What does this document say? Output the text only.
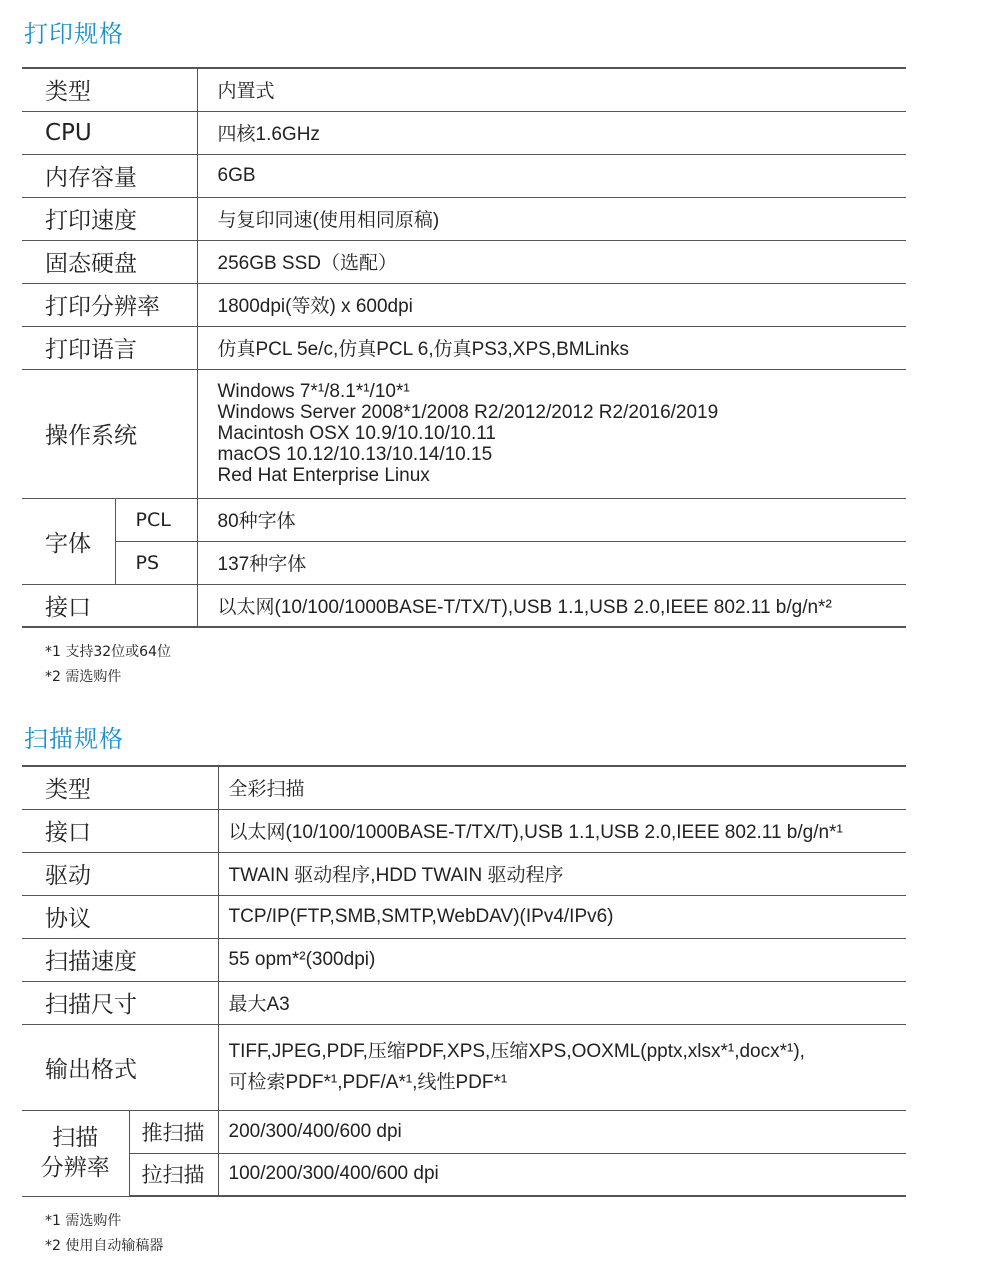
打印规格
类型		内置式
CPU		四核1.6GHz
内存容量		6GB
打印速度		与复印同速(使用相同原稿)
固态硬盘		256GB SSD（选配）
打印分辨率		1800dpi(等效) x 600dpi
打印语言		仿真PCL 5e/c,仿真PCL 6,仿真PS3,XPS,BMLinks
操作系统		Windows 7*¹/8.1*¹/10*¹
Windows Server 2008*1/2008 R2/2012/2012 R2/2016/2019
Macintosh OSX 10.9/10.10/10.11
macOS 10.12/10.13/10.14/10.15
Red Hat Enterprise Linux

字体	PCL	80种字体
	PS	137种字体
接口		以太网(10/100/1000BASE-T/TX/T),USB 1.1,USB 2.0,IEEE 802.11 b/g/n*²
*1 支持32位或64位
*2 需选购件
扫描规格
类型		全彩扫描
接口		以太网(10/100/1000BASE-T/TX/T),USB 1.1,USB 2.0,IEEE 802.11 b/g/n*¹
驱动		TWAIN 驱动程序,HDD TWAIN 驱动程序
协议		TCP/IP(FTP,SMB,SMTP,WebDAV)(IPv4/IPv6)
扫描速度		55 opm*²(300dpi)
扫描尺寸		最大A3
输出格式		TIFF,JPEG,PDF,压缩PDF,XPS,压缩XPS,OOXML(pptx,xlsx*¹,docx*¹),
可检索PDF*¹,PDF/A*¹,线性PDF*¹

扫描
分辨率	推扫描	200/300/400/600 dpi
	拉扫描	100/200/300/400/600 dpi
*1 需选购件
*2 使用自动输稿器
